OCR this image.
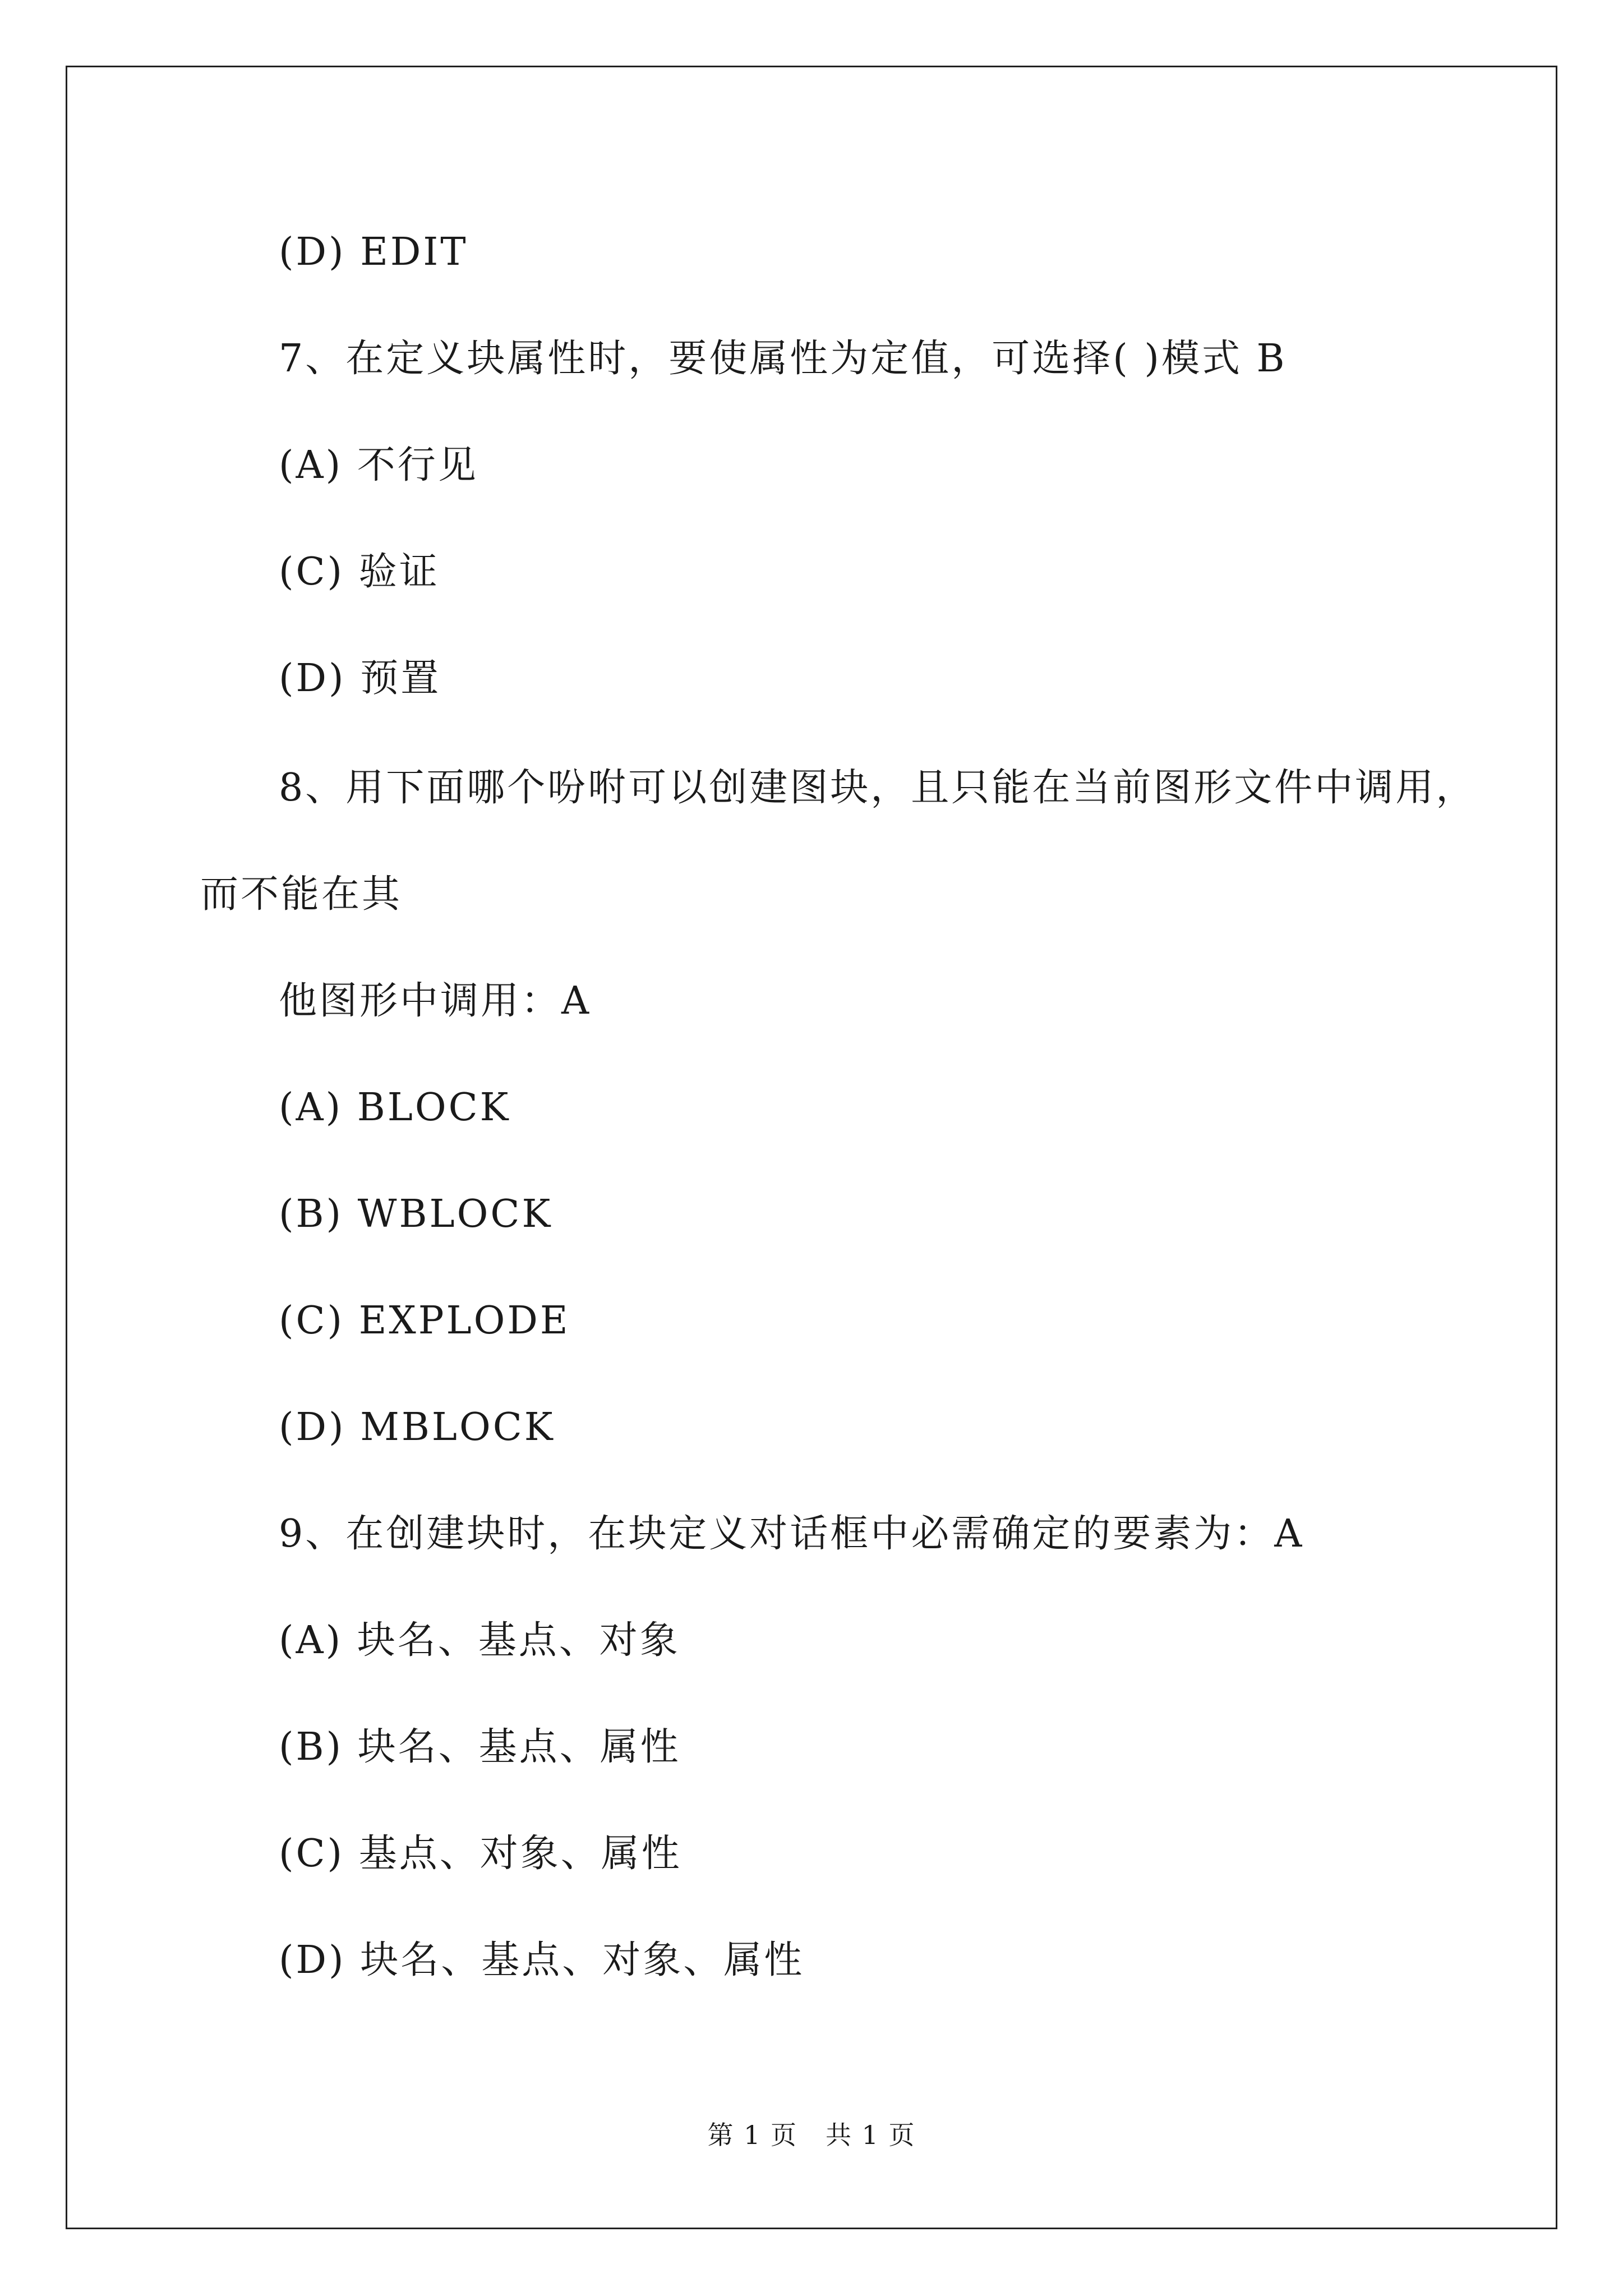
(D) EDIT
7、在定义块属性时，要使属性为定值，可选择( )模式 B
(A) 不行见
(C) 验证
(D) 预置
8、用下面哪个吩咐可以创建图块，且只能在当前图形文件中调用，
而不能在其
他图形中调用：A
(A) BLOCK
(B) WBLOCK
(C) EXPLODE
(D) MBLOCK
9、在创建块时，在块定义对话框中必需确定的要素为：A
(A) 块名、基点、对象
(B) 块名、基点、属性
(C) 基点、对象、属性
(D) 块名、基点、对象、属性
第 1 页 共 1 页
